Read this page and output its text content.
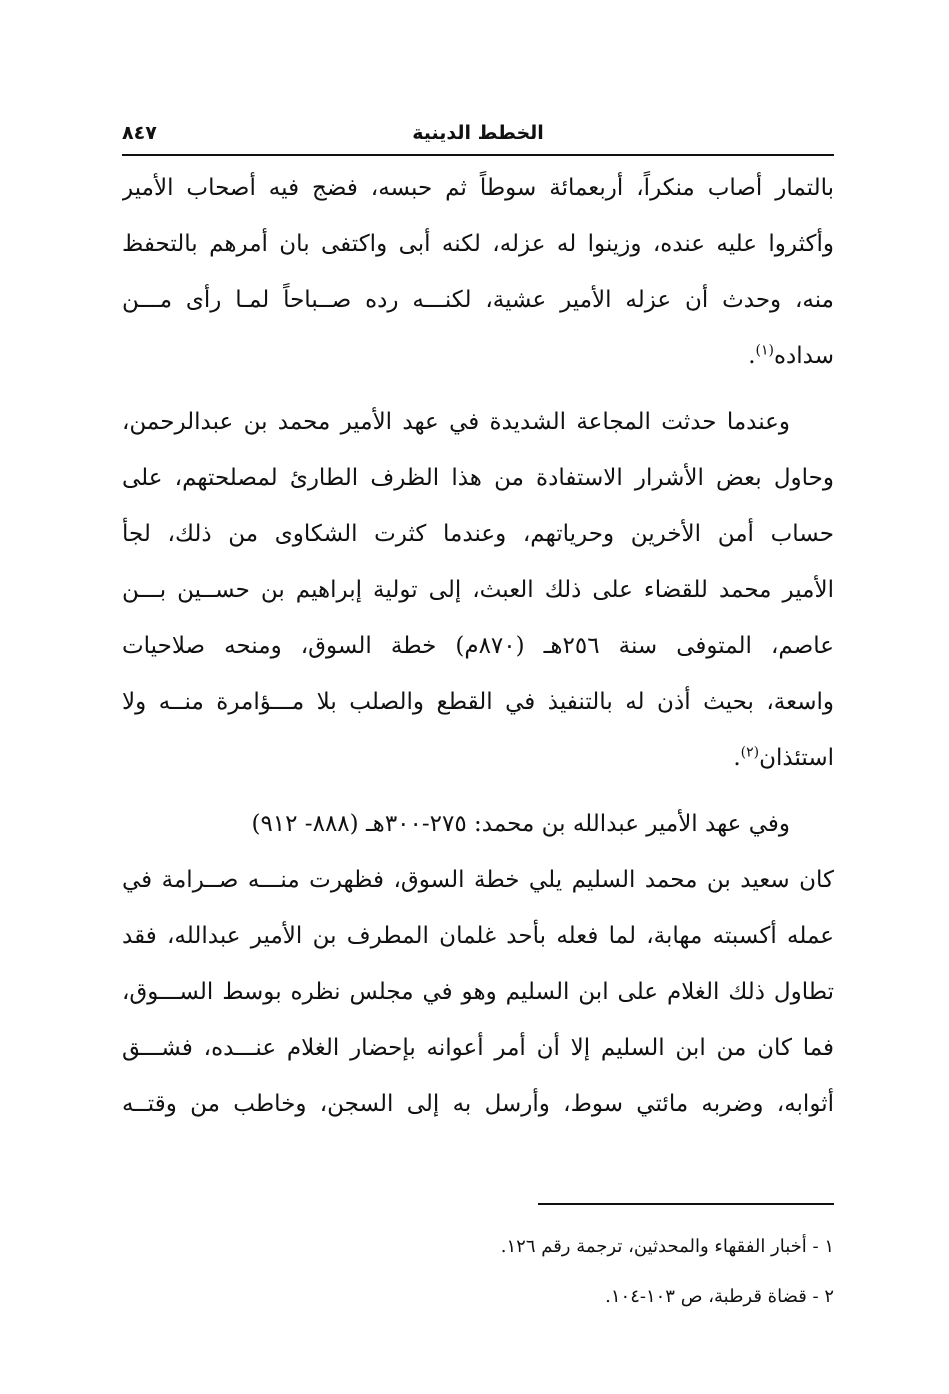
الخطط الدينية
٨٤٧
بالتمار أصاب منكراً، أربعمائة سوطاً ثم حبسه، فضج فيه أصحاب الأمير
وأكثروا عليه عنده، وزينوا له عزله، لكنه أبى واكتفى بان أمرهم بالتحفظ
منه، وحدث أن عزله الأمير عشية، لكنـــه رده صــباحاً لمـا رأى مـــن
سداده$^{(١)}$.
وعندما حدثت المجاعة الشديدة في عهد الأمير محمد بن عبدالرحمن،
وحاول بعض الأشرار الاستفادة من هذا الظرف الطارئ لمصلحتهم، على
حساب أمن الأخرين وحرياتهم، وعندما كثرت الشكاوى من ذلك، لجأ
الأمير محمد للقضاء على ذلك العبث، إلى تولية إبراهيم بن حســين بـــن
عاصم، المتوفى سنة ٢٥٦هـ (٨٧٠م) خطة السوق، ومنحه صلاحيات
واسعة، بحيث أذن له بالتنفيذ في القطع والصلب بلا مـــؤامرة منــه ولا
استئذان$^{(٢)}$.
وفي عهد الأمير عبدالله بن محمد: ٢٧٥-٣٠٠هـ (٨٨٨- ٩١٢)
كان سعيد بن محمد السليم يلي خطة السوق، فظهرت منـــه صــرامة في
عمله أكسبته مهابة، لما فعله بأحد غلمان المطرف بن الأمير عبدالله، فقد
تطاول ذلك الغلام على ابن السليم وهو في مجلس نظره بوسط الســـوق،
فما كان من ابن السليم إلا أن أمر أعوانه بإحضار الغلام عنـــده، فشـــق
أثوابه، وضربه مائتي سوط، وأرسل به إلى السجن، وخاطب من وقتــه
١ - أخبار الفقهاء والمحدثين، ترجمة رقم ١٢٦.
٢ - قضاة قرطبة، ص ١٠٣-١٠٤.
